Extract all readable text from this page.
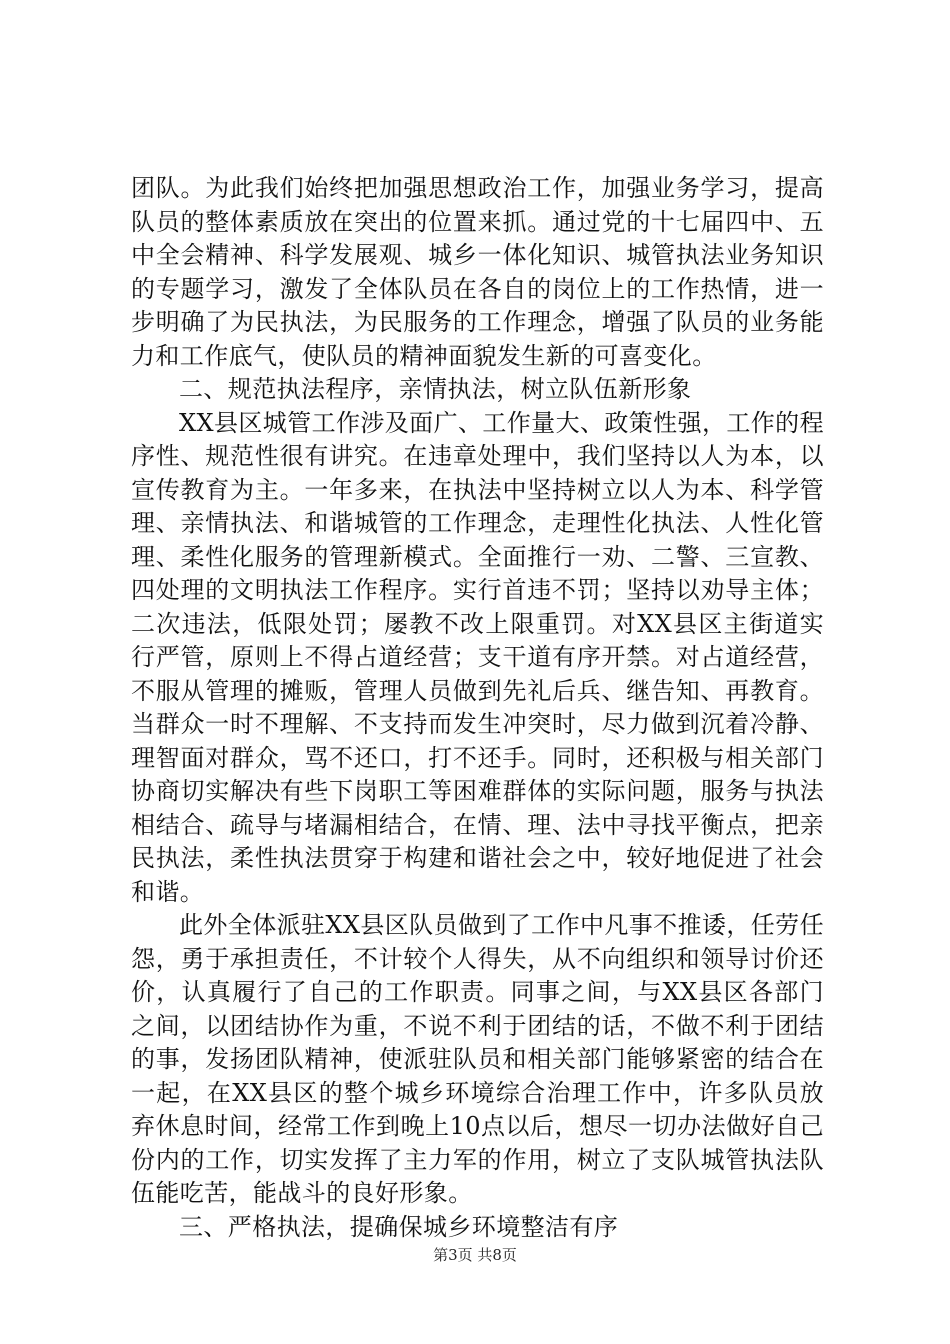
团队。为此我们始终把加强思想政治工作，加强业务学习，提高队员的整体素质放在突出的位置来抓。通过党的十七届四中、五中全会精神、科学发展观、城乡一体化知识、城管执法业务知识的专题学习，激发了全体队员在各自的岗位上的工作热情，进一步明确了为民执法，为民服务的工作理念，增强了队员的业务能力和工作底气，使队员的精神面貌发生新的可喜变化。

二、规范执法程序，亲情执法，树立队伍新形象

XX县区城管工作涉及面广、工作量大、政策性强，工作的程序性、规范性很有讲究。在违章处理中，我们坚持以人为本，以宣传教育为主。一年多来，在执法中坚持树立以人为本、科学管理、亲情执法、和谐城管的工作理念，走理性化执法、人性化管理、柔性化服务的管理新模式。全面推行一劝、二警、三宣教、四处理的文明执法工作程序。实行首违不罚；坚持以劝导主体；二次违法，低限处罚；屡教不改上限重罚。对XX县区主街道实行严管，原则上不得占道经营；支干道有序开禁。对占道经营，不服从管理的摊贩，管理人员做到先礼后兵、继告知、再教育。当群众一时不理解、不支持而发生冲突时，尽力做到沉着冷静、理智面对群众，骂不还口，打不还手。同时，还积极与相关部门协商切实解决有些下岗职工等困难群体的实际问题，服务与执法相结合、疏导与堵漏相结合，在情、理、法中寻找平衡点，把亲民执法，柔性执法贯穿于构建和谐社会之中，较好地促进了社会和谐。

此外全体派驻XX县区队员做到了工作中凡事不推诿，任劳任怨，勇于承担责任，不计较个人得失，从不向组织和领导讨价还价，认真履行了自己的工作职责。同事之间，与XX县区各部门之间，以团结协作为重，不说不利于团结的话，不做不利于团结的事，发扬团队精神，使派驻队员和相关部门能够紧密的结合在一起，在XX县区的整个城乡环境综合治理工作中，许多队员放弃休息时间，经常工作到晚上10点以后，想尽一切办法做好自己份内的工作，切实发挥了主力军的作用，树立了支队城管执法队伍能吃苦，能战斗的良好形象。

三、严格执法，提确保城乡环境整洁有序

第3页 共8页
